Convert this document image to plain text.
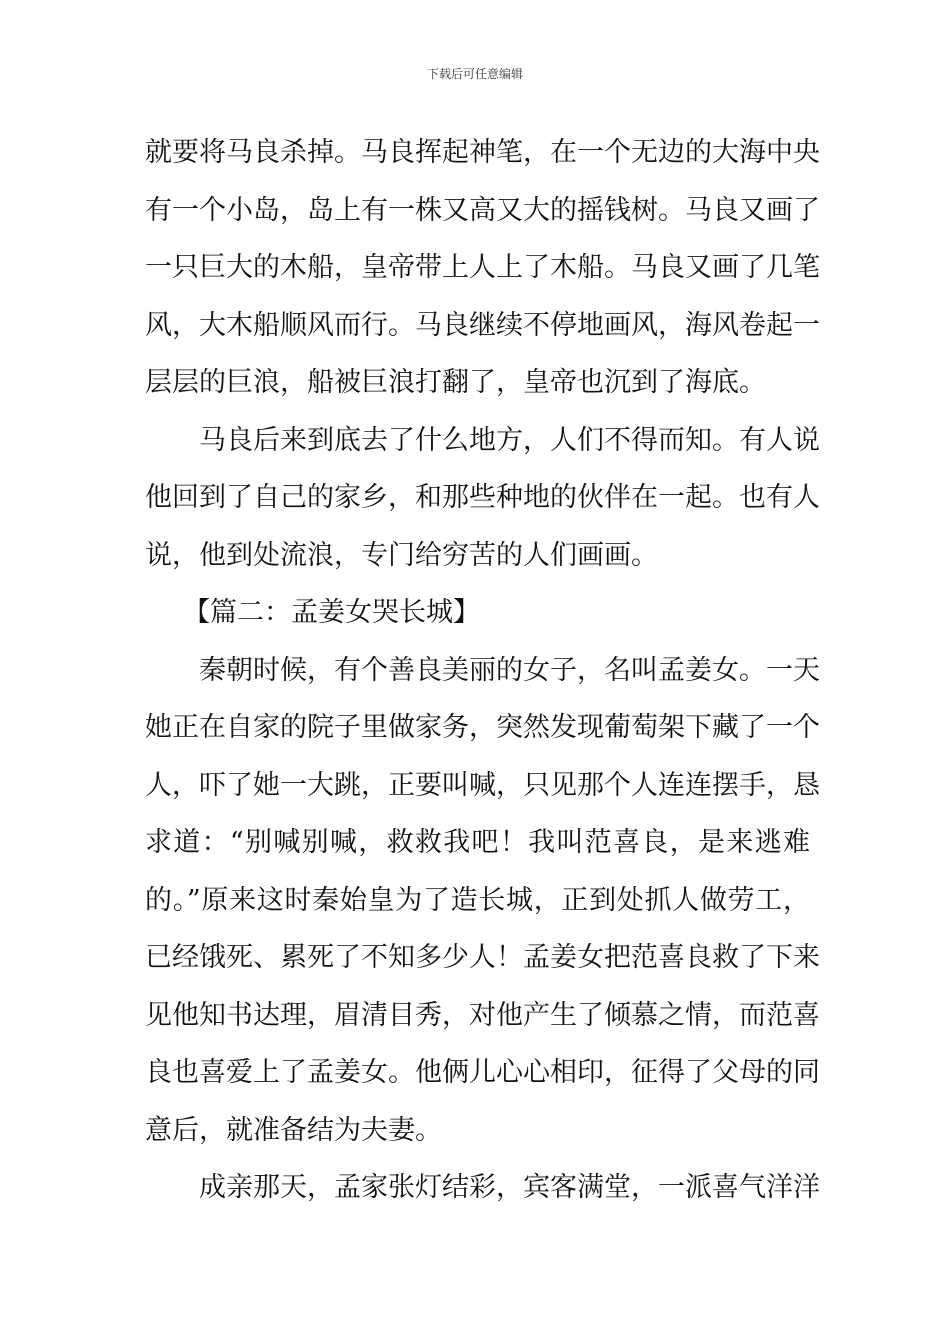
下载后可任意编辑
就要将马良杀掉。马良挥起神笔，在一个无边的大海中央
有一个小岛，岛上有一株又高又大的摇钱树。马良又画了
一只巨大的木船，皇帝带上人上了木船。马良又画了几笔
风，大木船顺风而行。马良继续不停地画风，海风卷起一
层层的巨浪，船被巨浪打翻了，皇帝也沉到了海底。
马良后来到底去了什么地方，人们不得而知。有人说
他回到了自己的家乡，和那些种地的伙伴在一起。也有人
说，他到处流浪，专门给穷苦的人们画画。
【篇二：孟姜女哭长城】
秦朝时候，有个善良美丽的女子，名叫孟姜女。一天
她正在自家的院子里做家务，突然发现葡萄架下藏了一个
人，吓了她一大跳，正要叫喊，只见那个人连连摆手，恳
求道：“别喊别喊，救救我吧！我叫范喜良，是来逃难
的。”原来这时秦始皇为了造长城，正到处抓人做劳工，
已经饿死、累死了不知多少人！孟姜女把范喜良救了下来
见他知书达理，眉清目秀，对他产生了倾慕之情，而范喜
良也喜爱上了孟姜女。他俩儿心心相印，征得了父母的同
意后，就准备结为夫妻。
成亲那天，孟家张灯结彩，宾客满堂，一派喜气洋洋
